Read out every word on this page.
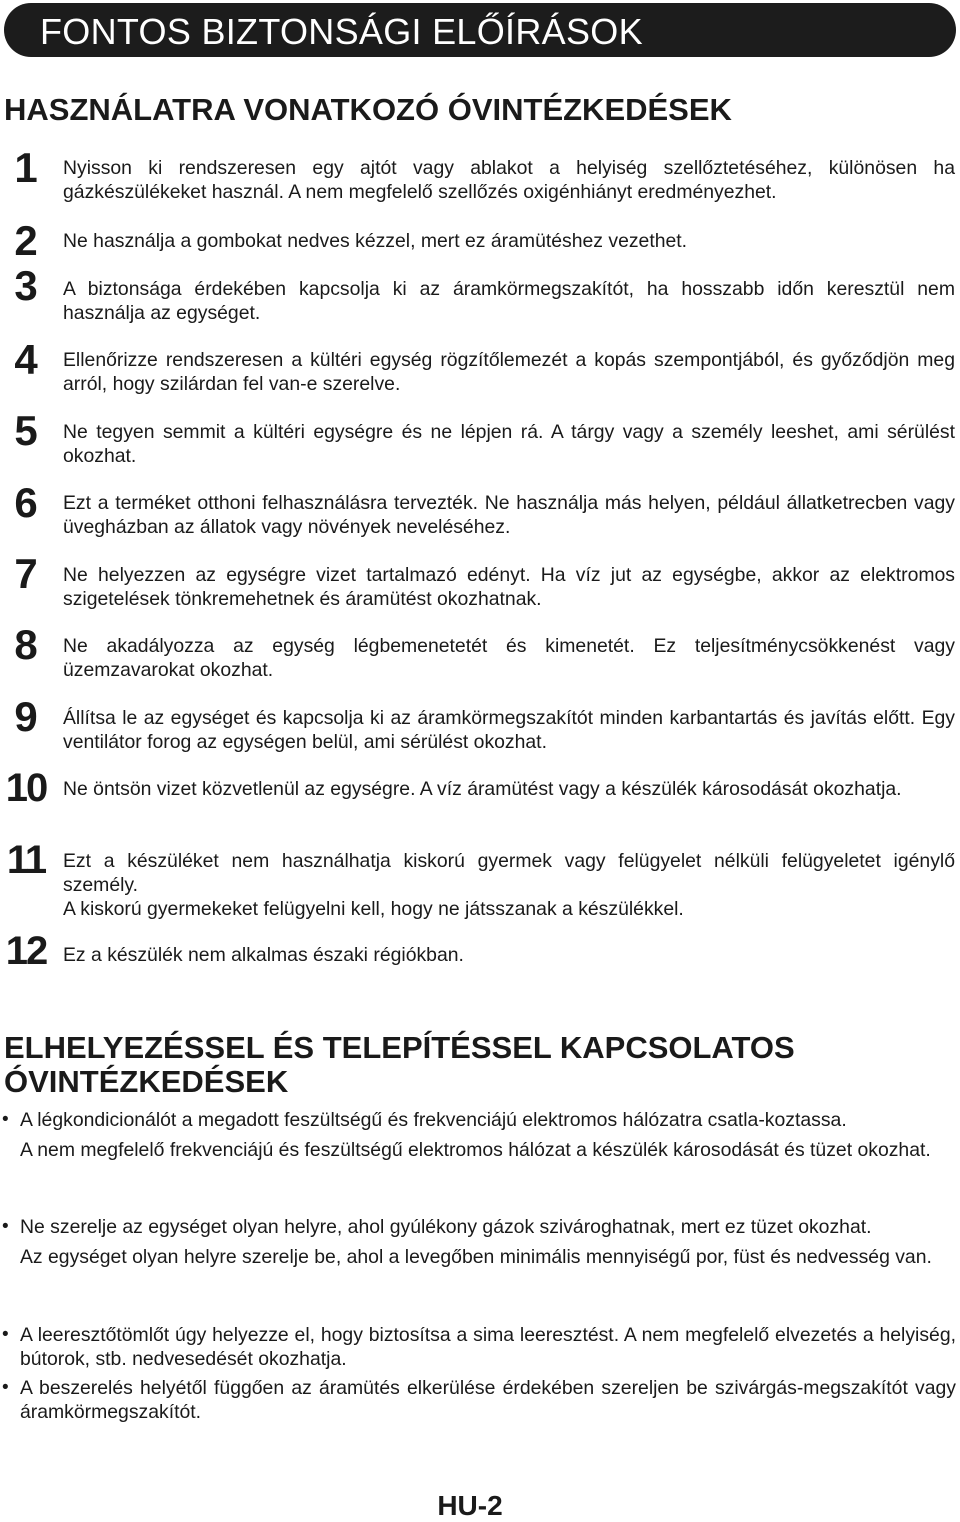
FONTOS BIZTONSÁGI ELŐÍRÁSOK
HASZNÁLATRA VONATKOZÓ ÓVINTÉZKEDÉSEK
1	Nyisson ki rendszeresen egy ajtót vagy ablakot a helyiség szellőztetéséhez, különösen ha gázkészülékeket használ. A nem megfelelő szellőzés oxigénhiányt eredményezhet.
2	Ne használja a gombokat nedves kézzel, mert ez áramütéshez vezethet.
3	A biztonsága érdekében kapcsolja ki az áramkörmegszakítót, ha hosszabb időn keresztül nem használja az egységet.
4	Ellenőrizze rendszeresen a kültéri egység rögzítőlemezét a kopás szempontjából, és győződjön meg arról, hogy szilárdan fel van-e szerelve.
5	Ne tegyen semmit a kültéri egységre és ne lépjen rá. A tárgy vagy a személy leeshet, ami sérülést okozhat.
6	Ezt a terméket otthoni felhasználásra tervezték. Ne használja más helyen, például állatketrecben vagy üvegházban az állatok vagy növények neveléséhez.
7	Ne helyezzen az egységre vizet tartalmazó edényt. Ha víz jut az egységbe, akkor az elektromos szigetelések tönkremehetnek és áramütést okozhatnak.
8	Ne akadályozza az egység légbemenetetét és kimenetét. Ez teljesítménycsökkenést vagy üzemzavarokat okozhat.
9	Állítsa le az egységet és kapcsolja ki az áramkörmegszakítót minden karbantartás és javítás előtt. Egy ventilátor forog az egységen belül, ami sérülést okozhat.
10 Ne öntsön vizet közvetlenül az egységre. A víz áramütést vagy a készülék károsodását okozhatja.
11 Ezt a készüléket nem használhatja kiskorú gyermek vagy felügyelet nélküli felügyeletet igénylő személy.
A kiskorú gyermekeket felügyelni kell, hogy ne játsszanak a készülékkel.
12 Ez a készülék nem alkalmas északi régiókban.
ELHELYEZÉSSEL ÉS TELEPÍTÉSSEL KAPCSOLATOS ÓVINTÉZKEDÉSEK
• A légkondicionálót a megadott feszültségű és frekvenciájú elektromos hálózatra csatla-koztassa.

A nem megfelelő frekvenciájú és feszültségű elektromos hálózat a készülék károsodását és tüzet okozhat.

• Ne szerelje az egységet olyan helyre, ahol gyúlékony gázok szivároghatnak, mert ez tüzet okozhat.

Az egységet olyan helyre szerelje be, ahol a levegőben minimális mennyiségű por, füst és nedvesség van.

• A leeresztőtömlőt úgy helyezze el, hogy biztosítsa a sima leeresztést. A nem megfelelő elvezetés a helyiség, bútorok, stb. nedvesedését okozhatja.

• A beszerelés helyétől függően az áramütés elkerülése érdekében szereljen be szivárgás-megszakítót vagy áramkörmegszakítót.

HU-2
